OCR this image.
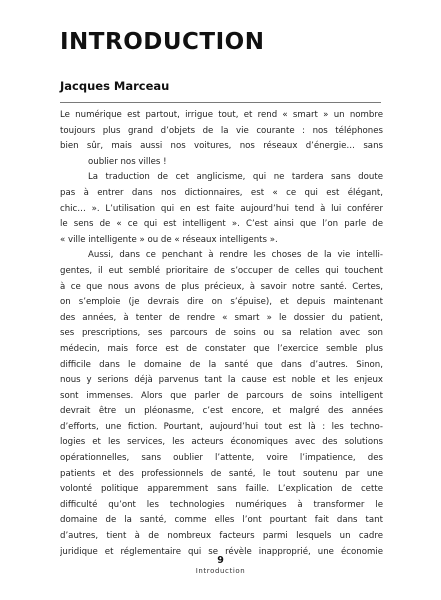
INTRODUCTION
Jacques Marceau
Le numérique est partout, irrigue tout, et rend « smart » un nombre
toujours plus grand d’objets de la vie courante : nos téléphones
bien sûr, mais aussi nos voitures, nos réseaux d’énergie… sans
oublier nos villes !
La traduction de cet anglicisme, qui ne tardera sans doute
pas à entrer dans nos dictionnaires, est « ce qui est élégant,
chic… ». L’utilisation qui en est faite aujourd’hui tend à lui conférer
le sens de « ce qui est intelligent ». C’est ainsi que l’on parle de
« ville intelligente » ou de « réseaux intelligents ».
Aussi, dans ce penchant à rendre les choses de la vie intelli-
gentes, il eut semblé prioritaire de s’occuper de celles qui touchent
à ce que nous avons de plus précieux, à savoir notre santé. Certes,
on s’emploie (je devrais dire on s’épuise), et depuis maintenant
des années, à tenter de rendre « smart » le dossier du patient,
ses prescriptions, ses parcours de soins ou sa relation avec son
médecin, mais force est de constater que l’exercice semble plus
difficile dans le domaine de la santé que dans d’autres. Sinon,
nous y serions déjà parvenus tant la cause est noble et les enjeux
sont immenses. Alors que parler de parcours de soins intelligent
devrait être un pléonasme, c’est encore, et malgré des années
d’efforts, une fiction. Pourtant, aujourd’hui tout est là : les techno-
logies et les services, les acteurs économiques avec des solutions
opérationnelles, sans oublier l’attente, voire l’impatience, des
patients et des professionnels de santé, le tout soutenu par une
volonté politique apparemment sans faille. L’explication de cette
difficulté qu’ont les technologies numériques à transformer le
domaine de la santé, comme elles l’ont pourtant fait dans tant
d’autres, tient à de nombreux facteurs parmi lesquels un cadre
juridique et réglementaire qui se révèle inapproprié, une économie
9
Introduction
